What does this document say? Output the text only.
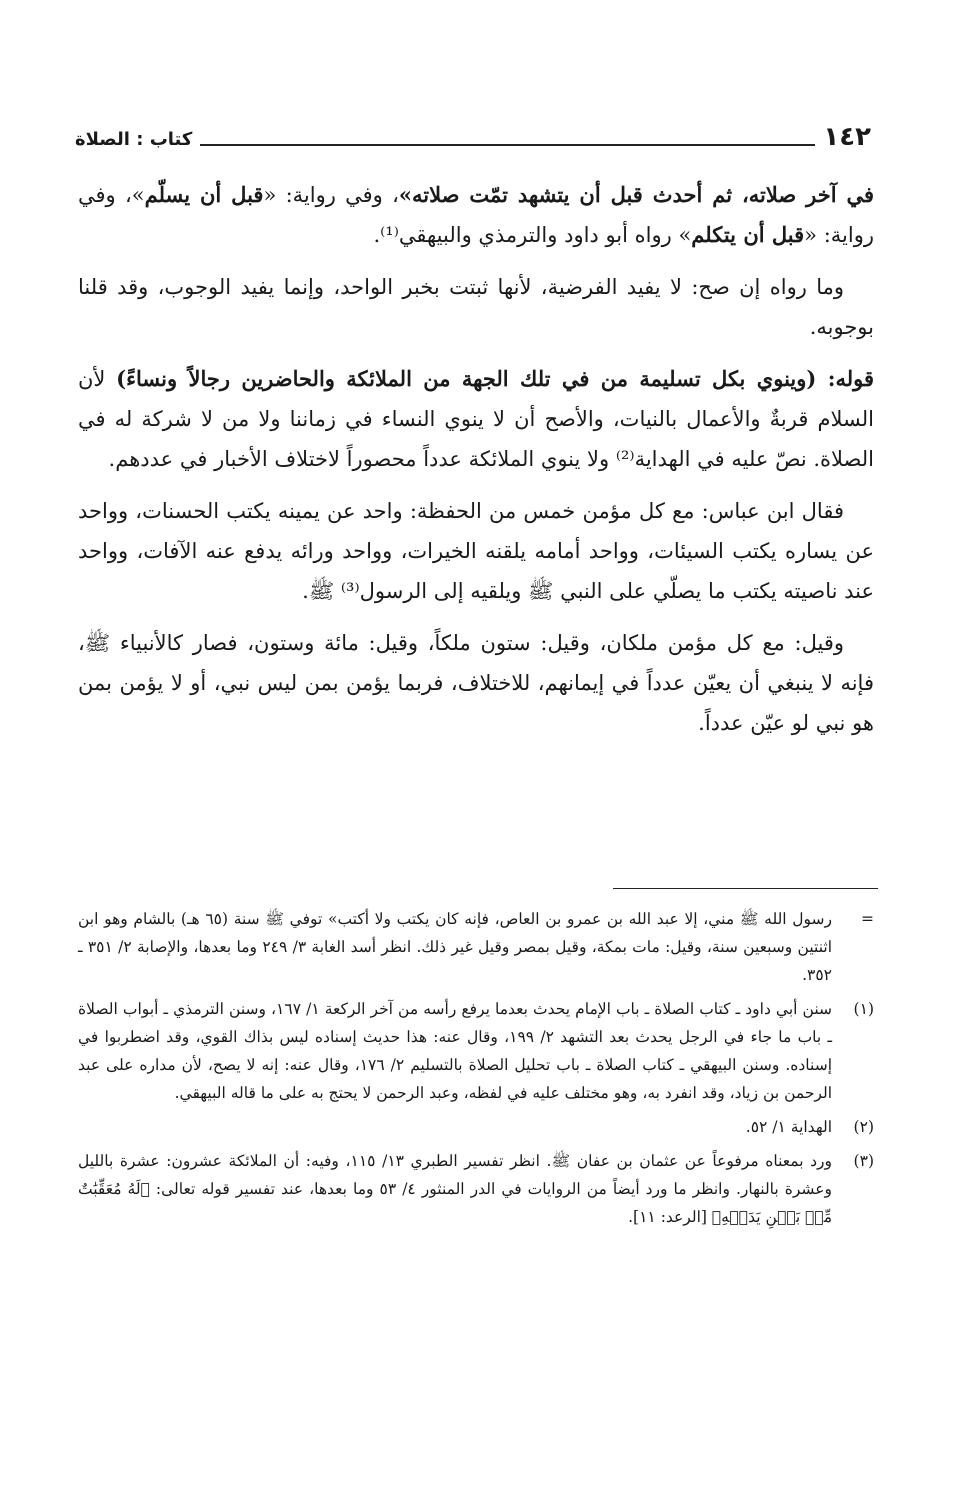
١٤٢
كتاب : الصلاة

في آخر صلاته، ثم أحدث قبل أن يتشهد تمّت صلاته»، وفي رواية: «قبل أن يسلّم»، وفي رواية: «قبل أن يتكلم» رواه أبو داود والترمذي والبيهقي⁽¹⁾.

وما رواه إن صح: لا يفيد الفرضية، لأنها ثبتت بخبر الواحد، وإنما يفيد الوجوب، وقد قلنا بوجوبه.

قوله: (وينوي بكل تسليمة من في تلك الجهة من الملائكة والحاضرين رجالاً ونساءً) لأن السلام قربةٌ والأعمال بالنيات، والأصح أن لا ينوي النساء في زماننا ولا من لا شركة له في الصلاة. نصّ عليه في الهداية⁽²⁾ ولا ينوي الملائكة عدداً محصوراً لاختلاف الأخبار في عددهم.

فقال ابن عباس: مع كل مؤمن خمس من الحفظة: واحد عن يمينه يكتب الحسنات، وواحد عن يساره يكتب السيئات، وواحد أمامه يلقنه الخيرات، وواحد ورائه يدفع عنه الآفات، وواحد عند ناصيته يكتب ما يصلّي على النبي ﷺ ويلقيه إلى الرسول⁽³⁾ ﷺ.

وقيل: مع كل مؤمن ملكان، وقيل: ستون ملكاً، وقيل: مائة وستون، فصار كالأنبياء ﷺ، فإنه لا ينبغي أن يعيّن عدداً في إيمانهم، للاختلاف، فربما يؤمن بمن ليس نبي، أو لا يؤمن بمن هو نبي لو عيّن عدداً.

=
رسول الله ﷺ مني، إلا عبد الله بن عمرو بن العاص، فإنه كان يكتب ولا أكتب» توفي ﷺ سنة (٦٥ هـ) بالشام وهو ابن اثنتين وسبعين سنة، وقيل: مات بمكة، وقيل بمصر وقيل غير ذلك. انظر أسد الغابة ٣/ ٢٤٩ وما بعدها، والإصابة ٢/ ٣٥١ ـ ٣٥٢.
(١)
سنن أبي داود ـ كتاب الصلاة ـ باب الإمام يحدث بعدما يرفع رأسه من آخر الركعة ١/ ١٦٧، وسنن الترمذي ـ أبواب الصلاة ـ باب ما جاء في الرجل يحدث بعد التشهد ٢/ ١٩٩، وقال عنه: هذا حديث إسناده ليس بذاك القوي، وقد اضطربوا في إسناده. وسنن البيهقي ـ كتاب الصلاة ـ باب تحليل الصلاة بالتسليم ٢/ ١٧٦، وقال عنه: إنه لا يصح، لأن مداره على عبد الرحمن بن زياد، وقد انفرد به، وهو مختلف عليه في لفظه، وعبد الرحمن لا يحتج به على ما قاله البيهقي.
(٢)
الهداية ١/ ٥٢.
(٣)
ورد بمعناه مرفوعاً عن عثمان بن عفان ﷺ. انظر تفسير الطبري ١٣/ ١١٥، وفيه: أن الملائكة عشرون: عشرة بالليل وعشرة بالنهار. وانظر ما ورد أيضاً من الروايات في الدر المنثور ٤/ ٥٣ وما بعدها، عند تفسير قوله تعالى: ﴿لَهُ مُعَقِّبَٰتٌ مِّنۢ بَيۡنِ يَدَيۡهِ﴾ [الرعد: ١١].
